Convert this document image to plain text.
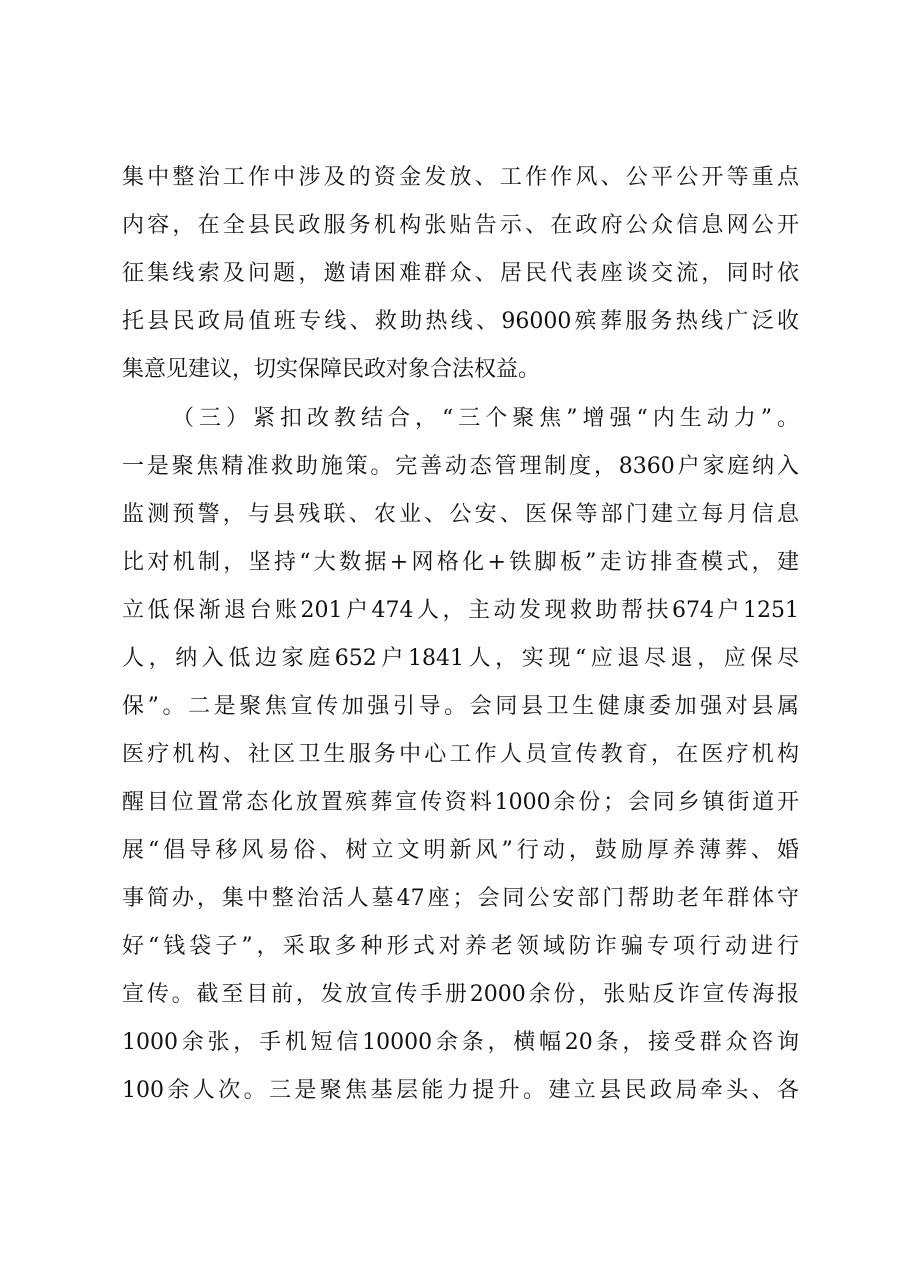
集中整治工作中涉及的资金发放、工作作风、公平公开等重点
内容，在全县民政服务机构张贴告示、在政府公众信息网公开
征集线索及问题，邀请困难群众、居民代表座谈交流，同时依
托县民政局值班专线、救助热线、96000殡葬服务热线广泛收
集意见建议，切实保障民政对象合法权益。
（三）紧扣改教结合，“三个聚焦”增强“内生动力”。
一是聚焦精准救助施策。完善动态管理制度，8360户家庭纳入
监测预警，与县残联、农业、公安、医保等部门建立每月信息
比对机制，坚持“大数据+网格化+铁脚板”走访排查模式，建
立低保渐退台账201户474人，主动发现救助帮扶674户1251
人，纳入低边家庭652户1841人，实现“应退尽退，应保尽
保”。二是聚焦宣传加强引导。会同县卫生健康委加强对县属
医疗机构、社区卫生服务中心工作人员宣传教育，在医疗机构
醒目位置常态化放置殡葬宣传资料1000余份；会同乡镇街道开
展“倡导移风易俗、树立文明新风”行动，鼓励厚养薄葬、婚
事简办，集中整治活人墓47座；会同公安部门帮助老年群体守
好“钱袋子”，采取多种形式对养老领域防诈骗专项行动进行
宣传。截至目前，发放宣传手册2000余份，张贴反诈宣传海报
1000余张，手机短信10000余条，横幅20条，接受群众咨询
100余人次。三是聚焦基层能力提升。建立县民政局牵头、各
